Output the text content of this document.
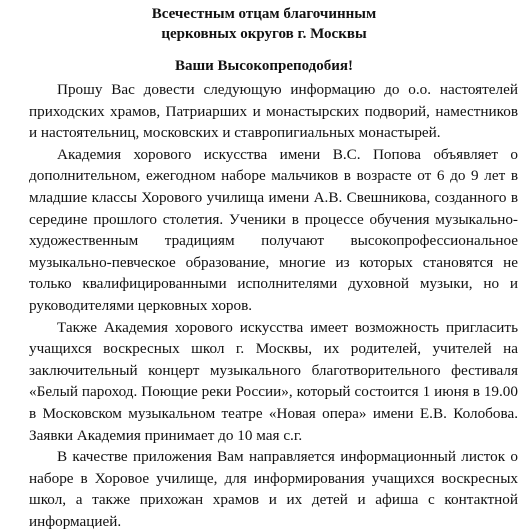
Всечестным отцам благочинным
церковных округов г. Москвы
Ваши Высокопреподобия!

Прошу Вас довести следующую информацию до о.о. настоятелей приходских храмов, Патриарших и монастырских подворий, наместников и настоятельниц, московских и ставропигиальных монастырей.

Академия хорового искусства имени В.С. Попова объявляет о дополнительном, ежегодном наборе мальчиков в возрасте от 6 до 9 лет в младшие классы Хорового училища имени А.В. Свешникова, созданного в середине прошлого столетия. Ученики в процессе обучения музыкально-художественным традициям получают высокопрофессиональное музыкально-певческое образование, многие из которых становятся не только квалифицированными исполнителями духовной музыки, но и руководителями церковных хоров.

Также Академия хорового искусства имеет возможность пригласить учащихся воскресных школ г. Москвы, их родителей, учителей на заключительный концерт музыкального благотворительного фестиваля «Белый пароход. Поющие реки России», который состоится 1 июня в 19.00 в Московском музыкальном театре «Новая опера» имени Е.В. Колобова. Заявки Академия принимает до 10 мая с.г.

В качестве приложения Вам направляется информационный листок о наборе в Хоровое училище, для информирования учащихся воскресных школ, а также прихожан храмов и их детей и афиша с контактной информацией.
